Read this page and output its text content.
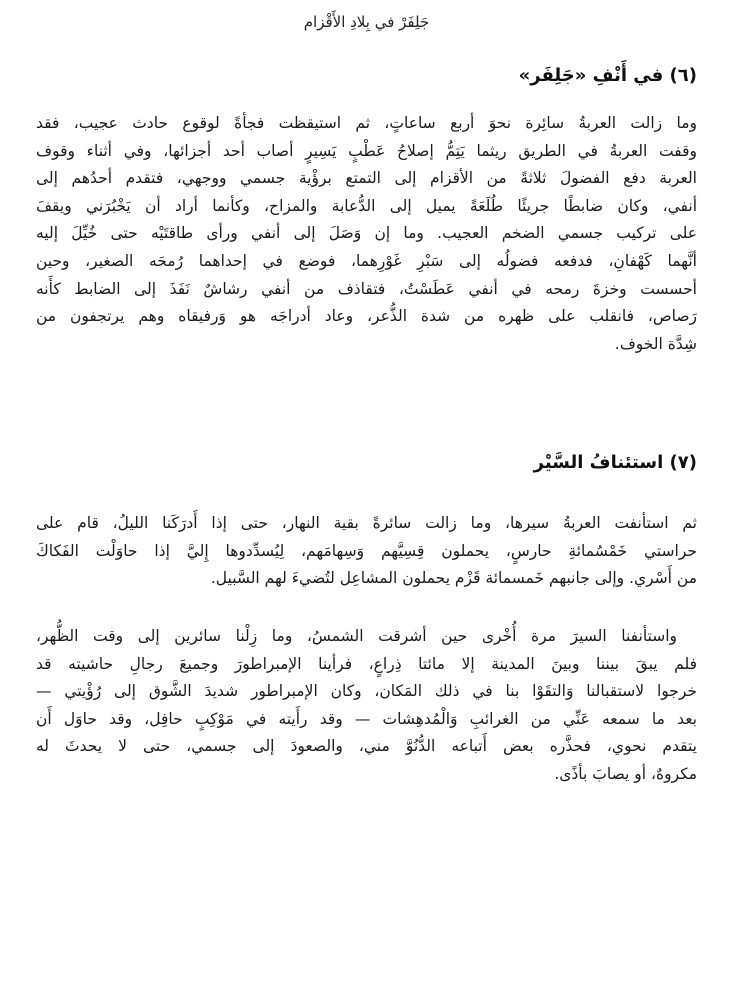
جَلِفَرْ في بِلادِ الأَقْزام
(٦) في أَنْفِ «جَلِفَر»

وما زالت العربةُ سائِرة نحوَ أربع ساعاتٍ، ثم استيقظت فجأةً لوقوع حادث عجيب، فقد
وقفت العربةُ في الطريق ريثما يَتِمُّ إصلاحُ عَطْبٍ يَسِيرٍ أصاب أحد أجزائها، وفي أثناء وقوف
العربة دفع الفضولَ ثلاثةً من الأقزام إلى التمتع برؤْية جسمي ووجهي، فتقدم أحدُهم إلى
أنفي، وكان ضابطًا جريئًا طُلَعَةً يميل إلى الدُّعابة والمزاح، وكأنما أراد أن يَخْبُرَني ويقفَ
على تركيب جسمي الضخم العجيب. وما إن وَصَلَ إلى أنفي ورأى طاقتَيْه حتى خُيِّلَ إليه
أنَّهما كَهْفانِ، فدفعه فضولُه إلى سَبْرِ غَوْرِهما، فوضع في إحداهما رُمحَه الصغير، وحين
أحسست وخزةَ رمحه في أنفي عَطَسْتُ، فتقاذف من أنفي رشاشٌ نَفَذَ إلى الضابط كأَنه
رَصاص، فانقلب على ظهره من شدة الذُّعر، وعاد أدراجَه هو وَرفيقاه وهم يرتجفون من
شِدَّة الخوف.

(٧) استئنافُ السَّيْر

ثم استأنفت العربةُ سيرها، وما زالت سائرةً بقية النهار، حتى إذا أَدرَكَنا الليلُ، قام على
حراستي خَمْسُمائةِ حارسٍ، يحملون قِسِيَّهم وَسِهامَهم، لِيُسدِّدوها إِليَّ إذا حاوَلْت الفَكاكَ
من أَسْري. وإلى جانبهم خَمسمائة قَزْم يحملون المشاعِل لتُضيءَ لهم السَّبيل.

واستأنفنا السيرَ مرة أُخْرى حين أشرقت الشمسُ، وما زِلْنا سائرين إلى وقت الظُّهر،
فلم يبقَ بيننا وبينَ المدينة إلا مائتا ذِراعٍ، فرأينا الإمبراطورَ وجميعَ رجالِ حاشيته قد
خرجوا لاستقبالنا وَالتقَوْا بنا في ذلك المَكان، وكان الإمبراطور شديدَ الشَّوق إلى رُؤْيتي —
بعد ما سمعه عَنِّي من الغرائبِ وَالْمُدهِشات — وقد رأَيته في مَوْكِبٍ حافِل، وقد حاوَل أَن
يتقدم نحوي، فحذَّره بعض أَتباعه الدُّنُوَّ مني، والصعودَ إلى جسمي، حتى لا يحدثَ له
مكروهٌ، أو يصابَ بأذًى.
